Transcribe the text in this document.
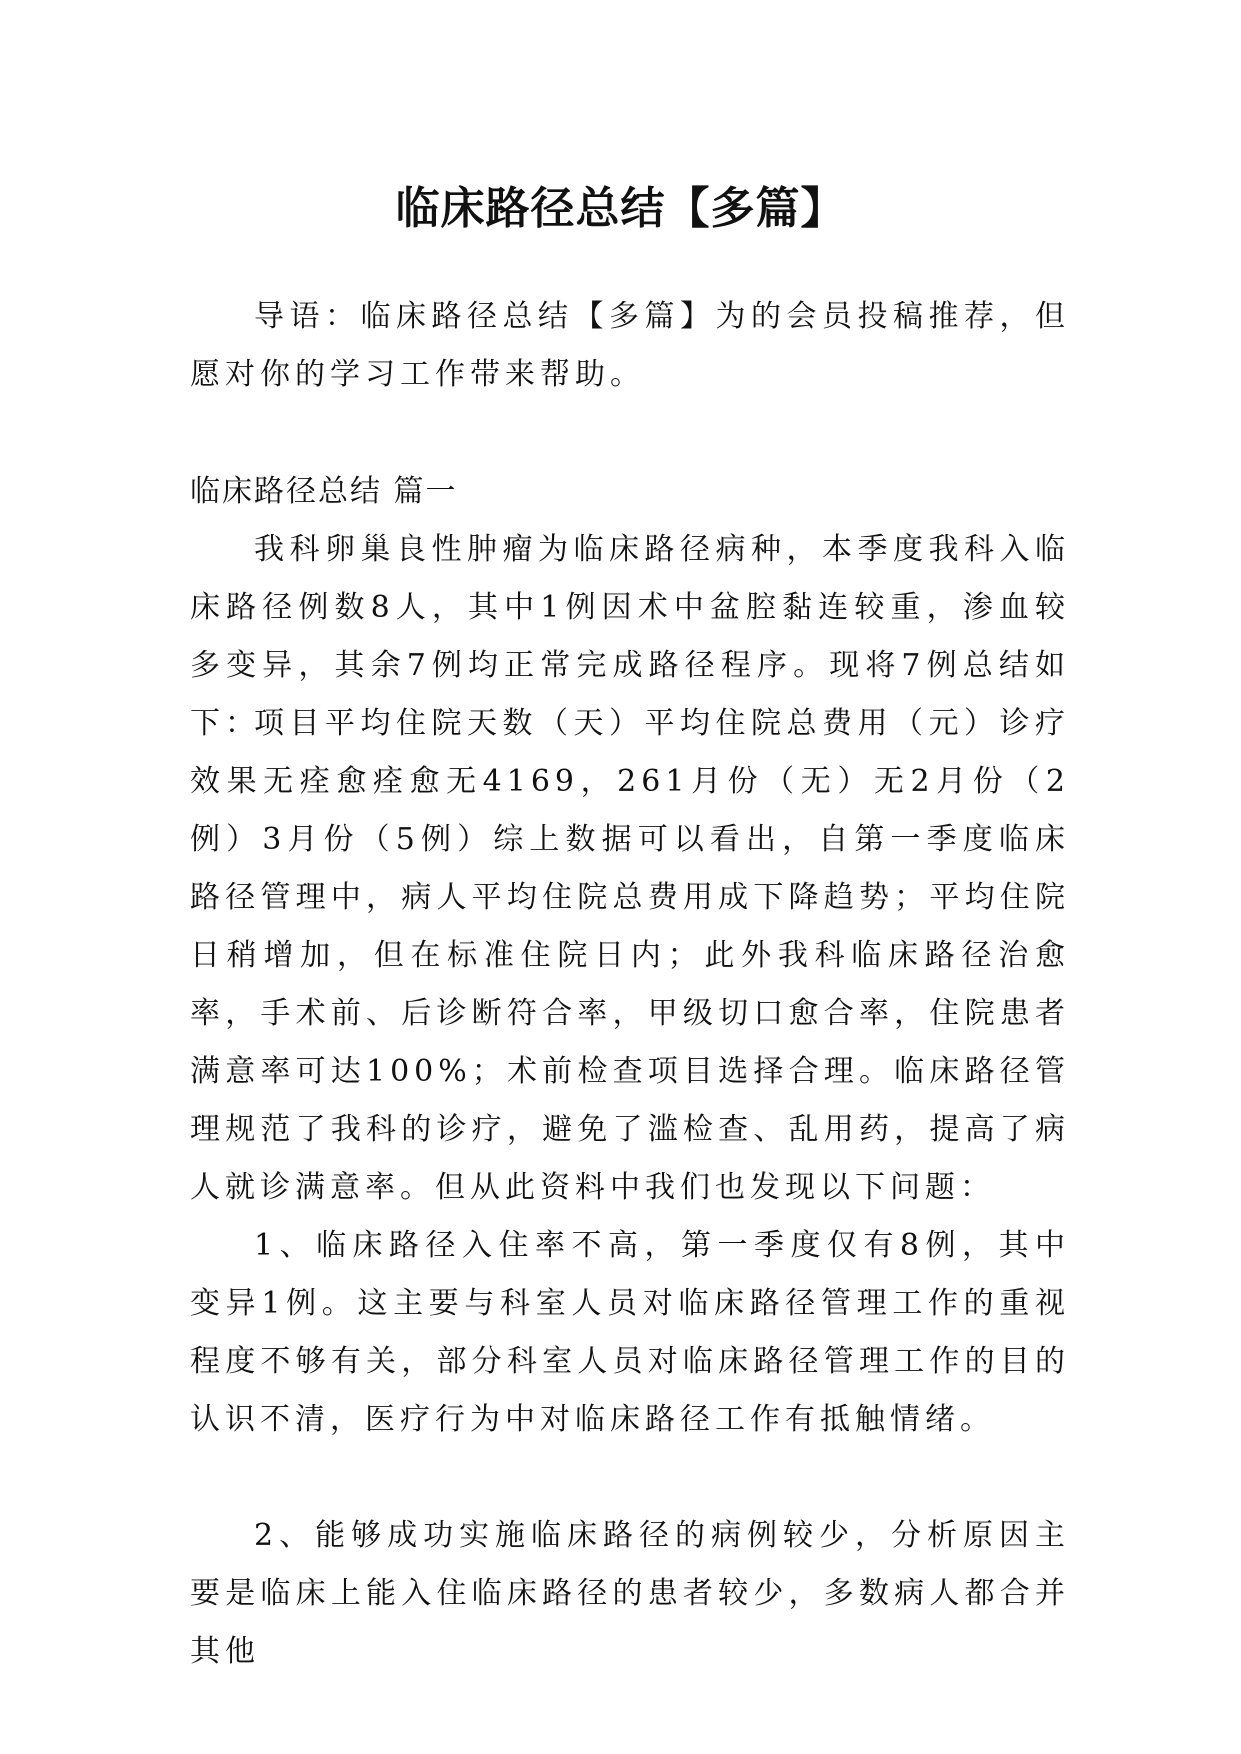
临床路径总结【多篇】

导语：临床路径总结【多篇】为的会员投稿推荐，但愿对你的学习工作带来帮助。

临床路径总结 篇一

我科卵巢良性肿瘤为临床路径病种，本季度我科入临床路径例数8人，其中1例因术中盆腔黏连较重，渗血较多变异，其余7例均正常完成路径程序。现将7例总结如下：

项目平均住院天数（天）平均住院总费用（元）诊疗效果无痊愈痊愈无4169，261月份（无）无2月份（2例）3月份（5例）综上数据可以看出，自第一季度临床路径管理中，病人平均住院总费用成下降趋势；平均住院日稍增加，但在标准住院日内；此外我科临床路径治愈率，手术前、后诊断符合率，甲级切口愈合率，住院患者满意率可达100%；术前检查项目选择合理。临床路径管理规范了我科的诊疗，避免了滥检查、乱用药，提高了病人就诊满意率。但从此资料中我们也发现以下问题：

1、临床路径入住率不高，第一季度仅有8例，其中变异1例。这主要与科室人员对临床路径管理工作的重视程度不够有关，部分科室人员对临床路径管理工作的目的认识不清，医疗行为中对临床路径工作有抵触情绪。

2、能够成功实施临床路径的病例较少，分析原因主要是临床上能入住临床路径的患者较少，多数病人都合并其他
